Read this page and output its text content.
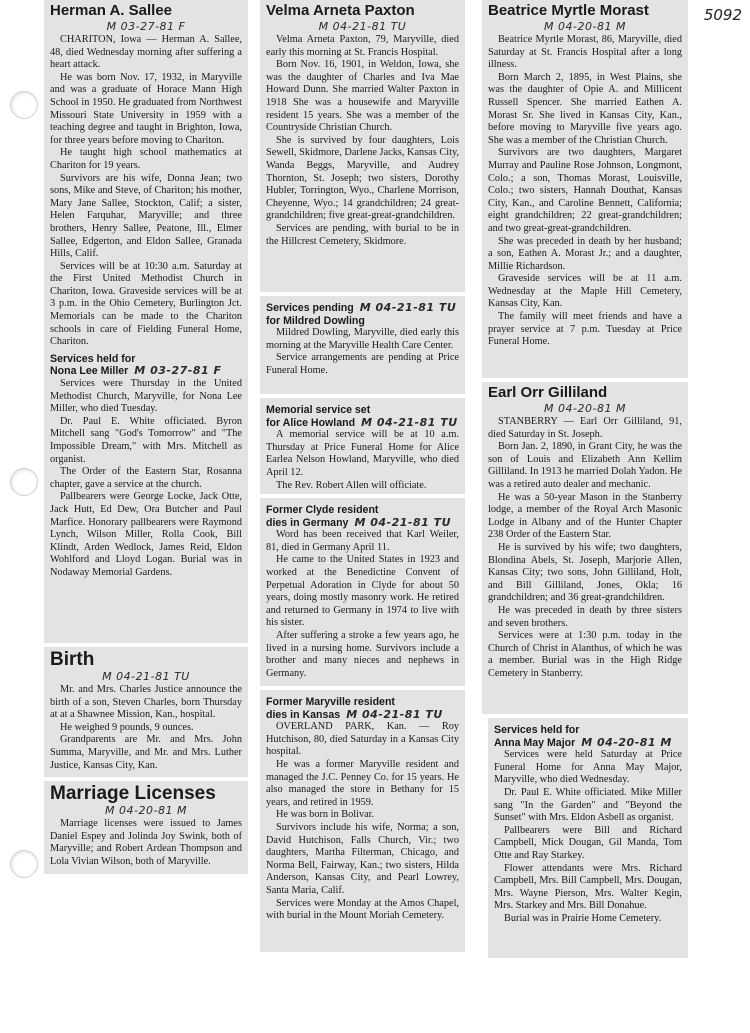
5092
Herman A. Sallee
M 03-27-81 F

CHARITON, Iowa — Herman A. Sallee, 48, died Wednesday morning after suffering a heart attack.

He was born Nov. 17, 1932, in Maryville and was a graduate of Horace Mann High School in 1950. He graduated from Northwest Missouri State University in 1959 with a teaching degree and taught in Brighton, Iowa, for three years before moving to Chariton.

He taught high school mathematics at Chariton for 19 years.

Survivors are his wife, Donna Jean; two sons, Mike and Steve, of Chariton; his mother, Mary Jane Sallee, Stockton, Calif; a sister, Helen Farquhar, Maryville; and three brothers, Henry Sallee, Peatone, Ill., Elmer Sallee, Edgerton, and Eldon Sallee, Granada Hills, Calif.

Services will be at 10:30 a.m. Saturday at the First United Methodist Church in Chariton, Iowa. Graveside services will be at 3 p.m. in the Ohio Cemetery, Burlington Jct. Memorials can be made to the Chariton schools in care of Fielding Funeral Home, Chariton.

Services held for
Nona Lee Miller M 03-27-81 F

Services were Thursday in the United Methodist Church, Maryville, for Nona Lee Miller, who died Tuesday.

Dr. Paul E. White officiated. Byron Mitchell sang "God's Tomorrow" and "The Impossible Dream," with Mrs. Mitchell as organist.

The Order of the Eastern Star, Rosanna chapter, gave a service at the church.

Pallbearers were George Locke, Jack Otte, Jack Hutt, Ed Dew, Ora Butcher and Paul Marfice. Honorary pallbearers were Raymond Lynch, Wilson Miller, Rolla Cook, Bill Klindt, Arden Wedlock, James Reid, Eldon Wohlford and Lloyd Logan. Burial was in Nodaway Memorial Gardens.

Birth
M 04-21-81 TU

Mr. and Mrs. Charles Justice announce the birth of a son, Steven Charles, born Thursday at at a Shawnee Mission, Kan., hospital.

He weighed 9 pounds, 9 ounces.

Grandparents are Mr. and Mrs. John Summa, Maryville, and Mr. and Mrs. Luther Justice, Kansas City, Kan.

Marriage Licenses
M 04-20-81 M

Marriage licenses were issued to James Daniel Espey and Jolinda Joy Swink, both of Maryville; and Robert Ardean Thompson and Lola Vivian Wilson, both of Maryville.

Velma Arneta Paxton
M 04-21-81 TU

Velma Arneta Paxton, 79, Maryville, died early this morning at St. Francis Hospital.

Born Nov. 16, 1901, in Weldon, Iowa, she was the daughter of Charles and Iva Mae Howard Dunn. She married Walter Paxton in 1918 She was a housewife and Maryville resident 15 years. She was a member of the Countryside Christian Church.

She is survived by four daughters, Lois Sewell, Skidmore, Darlene Jacks, Kansas City, Wanda Beggs, Maryville, and Audrey Thornton, St. Joseph; two sisters, Dorothy Hubler, Torrington, Wyo., Charlene Morrison, Cheyenne, Wyo.; 14 grandchildren; 24 great-grandchildren; five great-great-grandchildren.

Services are pending, with burial to be in the Hillcrest Cemetery, Skidmore.

Services pending M 04-21-81 TU
for Mildred Dowling

Mildred Dowling, Maryville, died early this morning at the Maryville Health Care Center.

Service arrangements are pending at Price Funeral Home.

Memorial service set
for Alice Howland M 04-21-81 TU

A memorial service will be at 10 a.m. Thursday at Price Funeral Home for Alice Earlea Nelson Howland, Maryville, who died April 12.

The Rev. Robert Allen will officiate.

Former Clyde resident
dies in Germany M 04-21-81 TU

Word has been received that Karl Weiler, 81, died in Germany April 11.

He came to the United States in 1923 and worked at the Benedictine Convent of Perpetual Adoration in Clyde for about 50 years, doing mostly masonry work. He retired and returned to Germany in 1974 to live with his sister.

After suffering a stroke a few years ago, he lived in a nursing home. Survivors include a brother and many nieces and nephews in Germany.

Former Maryville resident
dies in Kansas M 04-21-81 TU

OVERLAND PARK, Kan. — Roy Hutchison, 80, died Saturday in a Kansas City hospital.

He was a former Maryville resident and managed the J.C. Penney Co. for 15 years. He also managed the store in Bethany for 15 years, and retired in 1959.

He was born in Bolivar.

Survivors include his wife, Norma; a son, David Hutchison, Falls Church, Vir.; two daughters, Martha Filterman, Chicago, and Norma Bell, Fairway, Kan.; two sisters, Hilda Anderson, Kansas City, and Pearl Lowrey, Santa Maria, Calif.

Services were Monday at the Amos Chapel, with burial in the Mount Moriah Cemetery.

Beatrice Myrtle Morast
M 04-20-81 M

Beatrice Myrtle Morast, 86, Maryville, died Saturday at St. Francis Hospital after a long illness.

Born March 2, 1895, in West Plains, she was the daughter of Opie A. and Millicent Russell Spencer. She married Eathen A. Morast Sr. She lived in Kansas City, Kan., before moving to Maryville five years ago. She was a member of the Christian Church.

Survivors are two daughters, Margaret Murray and Pauline Rose Johnson, Longmont, Colo.; a son, Thomas Morast, Louisville, Colo.; two sisters, Hannah Douthat, Kansas City, Kan., and Caroline Bennett, California; eight grandchildren; 22 great-grandchildren; and two great-great-grandchildren.

She was preceded in death by her husband; a son, Eathen A. Morast Jr.; and a daughter, Millie Richardson.

Graveside services will be at 11 a.m. Wednesday at the Maple Hill Cemetery, Kansas City, Kan.

The family will meet friends and have a prayer service at 7 p.m. Tuesday at Price Funeral Home.

Earl Orr Gilliland
M 04-20-81 M

STANBERRY — Earl Orr Gilliland, 91, died Saturday in St. Joseph.

Born Jan. 2, 1890, in Grant City, he was the son of Louis and Elizabeth Ann Kellim Gilliland. In 1913 he married Dolah Yadon. He was a retired auto dealer and mechanic.

He was a 50-year Mason in the Stanberry lodge, a member of the Royal Arch Masonic Lodge in Albany and of the Hunter Chapter 238 Order of the Eastern Star.

He is survived by his wife; two daughters, Blondina Abels, St. Joseph, Marjorie Allen, Kansas City; two sons, John Gilliland, Holt, and Bill Gilliland, Jones, Okla; 16 grandchildren; and 36 great-grandchildren.

He was preceded in death by three sisters and seven brothers.

Services were at 1:30 p.m. today in the Church of Christ in Alanthus, of which he was a member. Burial was in the High Ridge Cemetery in Stanberry.

Services held for
Anna May Major M 04-20-81 M

Services were held Saturday at Price Funeral Home for Anna May Major, Maryville, who died Wednesday.

Dr. Paul E. White officiated. Mike Miller sang "In the Garden" and "Beyond the Sunset" with Mrs. Eldon Asbell as organist.

Pallbearers were Bill and Richard Campbell, Mick Dougan, Gil Manda, Tom Otte and Ray Starkey.

Flower attendants were Mrs. Richard Campbell, Mrs. Bill Campbell, Mrs. Dougan, Mrs. Wayne Pierson, Mrs. Walter Kegin, Mrs. Starkey and Mrs. Bill Donahue.

Burial was in Prairie Home Cemetery.
